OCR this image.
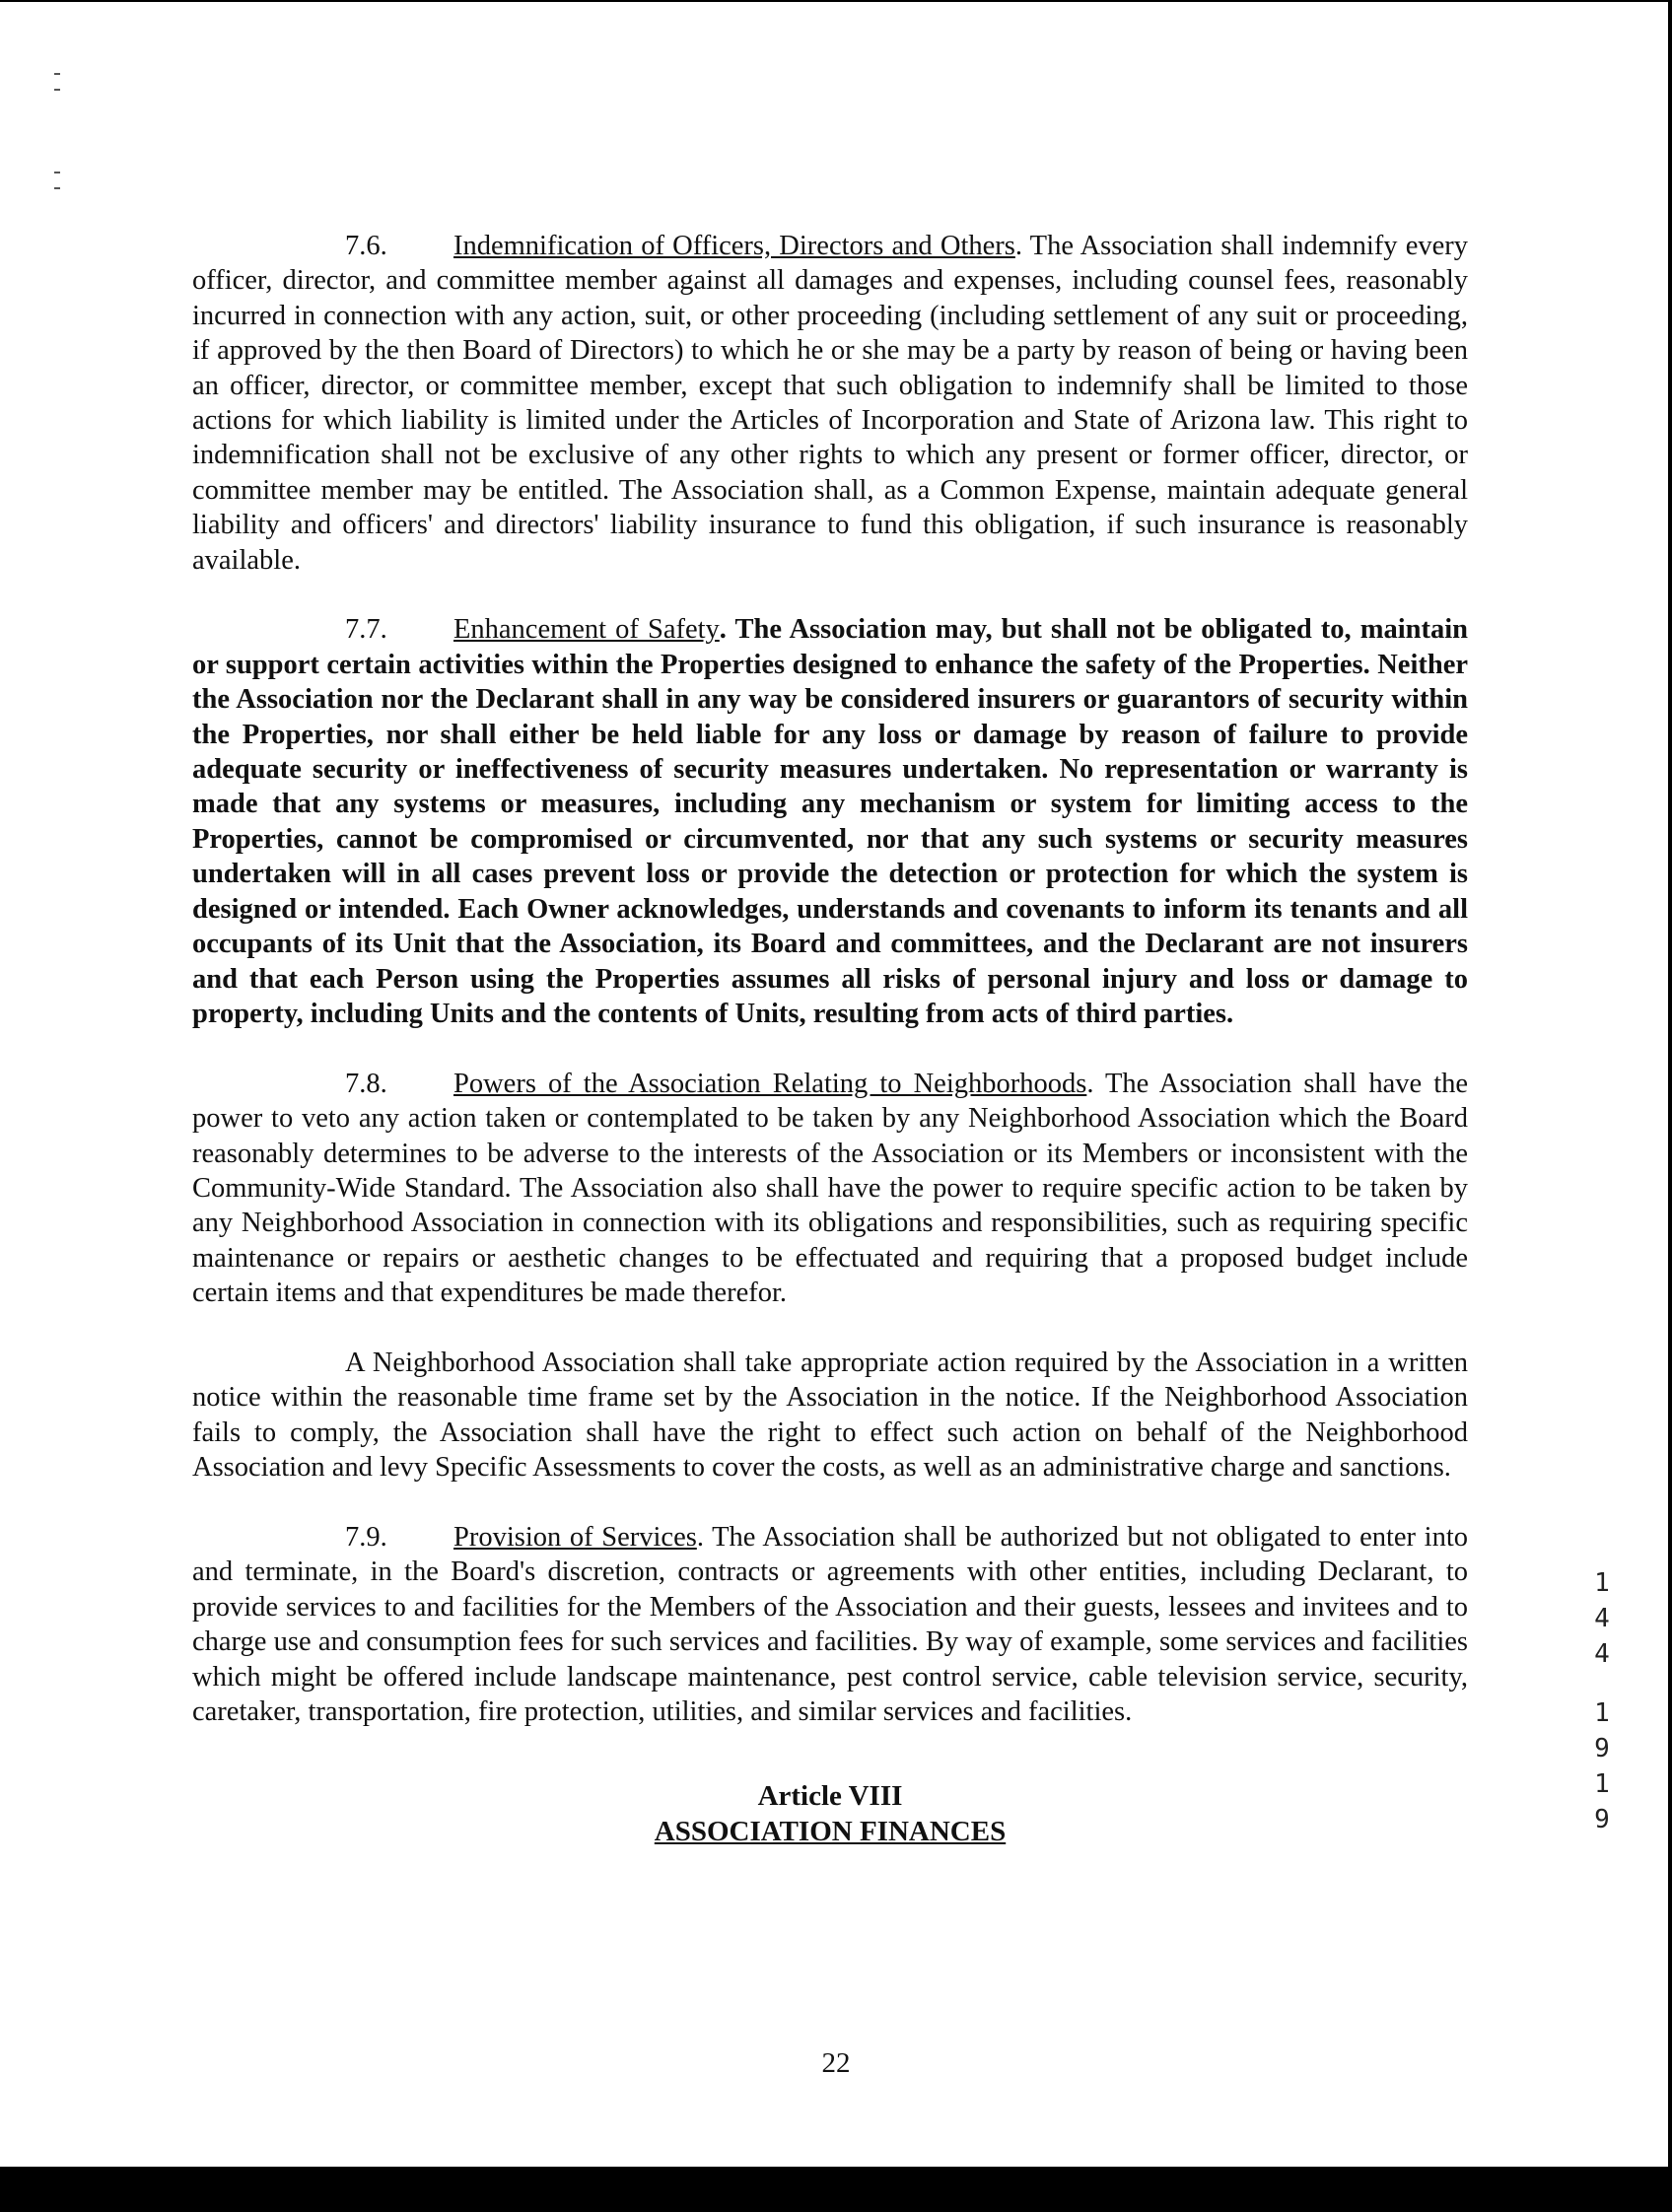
7.6. Indemnification of Officers, Directors and Others. The Association shall indemnify every officer, director, and committee member against all damages and expenses, including counsel fees, reasonably incurred in connection with any action, suit, or other proceeding (including settlement of any suit or proceeding, if approved by the then Board of Directors) to which he or she may be a party by reason of being or having been an officer, director, or committee member, except that such obligation to indemnify shall be limited to those actions for which liability is limited under the Articles of Incorporation and State of Arizona law. This right to indemnification shall not be exclusive of any other rights to which any present or former officer, director, or committee member may be entitled. The Association shall, as a Common Expense, maintain adequate general liability and officers' and directors' liability insurance to fund this obligation, if such insurance is reasonably available.

7.7. Enhancement of Safety. The Association may, but shall not be obligated to, maintain or support certain activities within the Properties designed to enhance the safety of the Properties. Neither the Association nor the Declarant shall in any way be considered insurers or guarantors of security within the Properties, nor shall either be held liable for any loss or damage by reason of failure to provide adequate security or ineffectiveness of security measures undertaken. No representation or warranty is made that any systems or measures, including any mechanism or system for limiting access to the Properties, cannot be compromised or circumvented, nor that any such systems or security measures undertaken will in all cases prevent loss or provide the detection or protection for which the system is designed or intended. Each Owner acknowledges, understands and covenants to inform its tenants and all occupants of its Unit that the Association, its Board and committees, and the Declarant are not insurers and that each Person using the Properties assumes all risks of personal injury and loss or damage to property, including Units and the contents of Units, resulting from acts of third parties.

7.8. Powers of the Association Relating to Neighborhoods. The Association shall have the power to veto any action taken or contemplated to be taken by any Neighborhood Association which the Board reasonably determines to be adverse to the interests of the Association or its Members or inconsistent with the Community-Wide Standard. The Association also shall have the power to require specific action to be taken by any Neighborhood Association in connection with its obligations and responsibilities, such as requiring specific maintenance or repairs or aesthetic changes to be effectuated and requiring that a proposed budget include certain items and that expenditures be made therefor.

A Neighborhood Association shall take appropriate action required by the Association in a written notice within the reasonable time frame set by the Association in the notice. If the Neighborhood Association fails to comply, the Association shall have the right to effect such action on behalf of the Neighborhood Association and levy Specific Assessments to cover the costs, as well as an administrative charge and sanctions.

7.9. Provision of Services. The Association shall be authorized but not obligated to enter into and terminate, in the Board's discretion, contracts or agreements with other entities, including Declarant, to provide services to and facilities for the Members of the Association and their guests, lessees and invitees and to charge use and consumption fees for such services and facilities. By way of example, some services and facilities which might be offered include landscape maintenance, pest control service, cable television service, security, caretaker, transportation, fire protection, utilities, and similar services and facilities.

Article VIII
ASSOCIATION FINANCES
22
1
4
4
1
9
1
9
